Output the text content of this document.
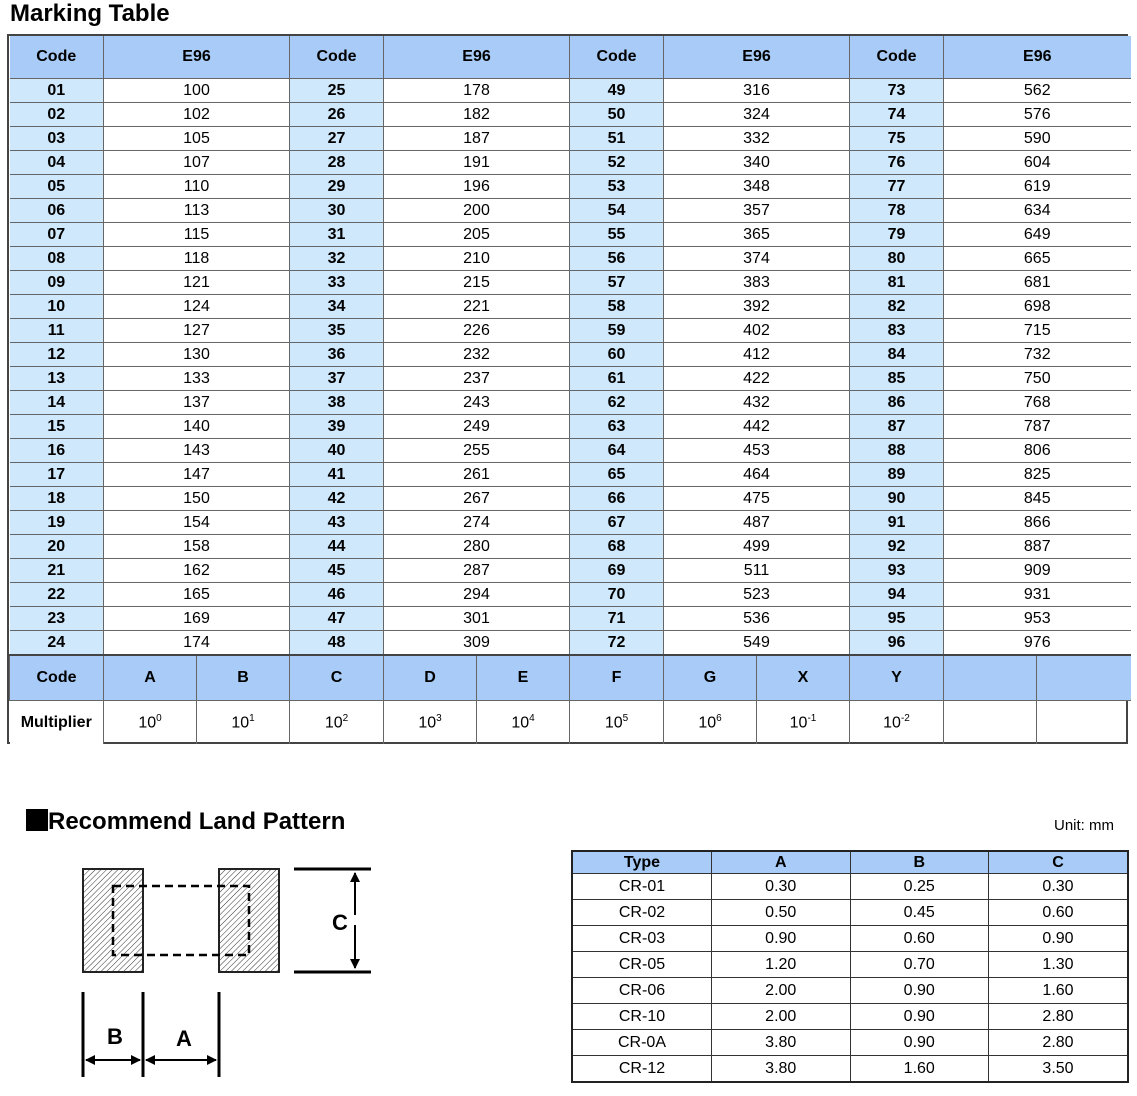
Marking Table
Code	E96		Code	E96		Code	E96		Code	E96	
01	100		25	178		49	316		73	562	
02	102		26	182		50	324		74	576	
03	105		27	187		51	332		75	590	
04	107		28	191		52	340		76	604	
05	110		29	196		53	348		77	619	
06	113		30	200		54	357		78	634	
07	115		31	205		55	365		79	649	
08	118		32	210		56	374		80	665	
09	121		33	215		57	383		81	681	
10	124		34	221		58	392		82	698	
11	127		35	226		59	402		83	715	
12	130		36	232		60	412		84	732	
13	133		37	237		61	422		85	750	
14	137		38	243		62	432		86	768	
15	140		39	249		63	442		87	787	
16	143		40	255		64	453		88	806	
17	147		41	261		65	464		89	825	
18	150		42	267		66	475		90	845	
19	154		43	274		67	487		91	866	
20	158		44	280		68	499		92	887	
21	162		45	287		69	511		93	909	
22	165		46	294		70	523		94	931	
23	169		47	301		71	536		95	953	
24	174		48	309		72	549		96	976	
Code	A	B	C	D	E	F	G	X	Y		
Multiplier	$10^0$	$10^1$	$10^2$	$10^3$	$10^4$	$10^5$	$10^6$	$10^{-1}$	$10^{-2}$		
Recommend Land Pattern	Unit: mm
C
B A
Type	A	B	C
CR-01	0.30	0.25	0.30
CR-02	0.50	0.45	0.60
CR-03	0.90	0.60	0.90
CR-05	1.20	0.70	1.30
CR-06	2.00	0.90	1.60
CR-10	2.00	0.90	2.80
CR-0A	3.80	0.90	2.80
CR-12	3.80	1.60	3.50
